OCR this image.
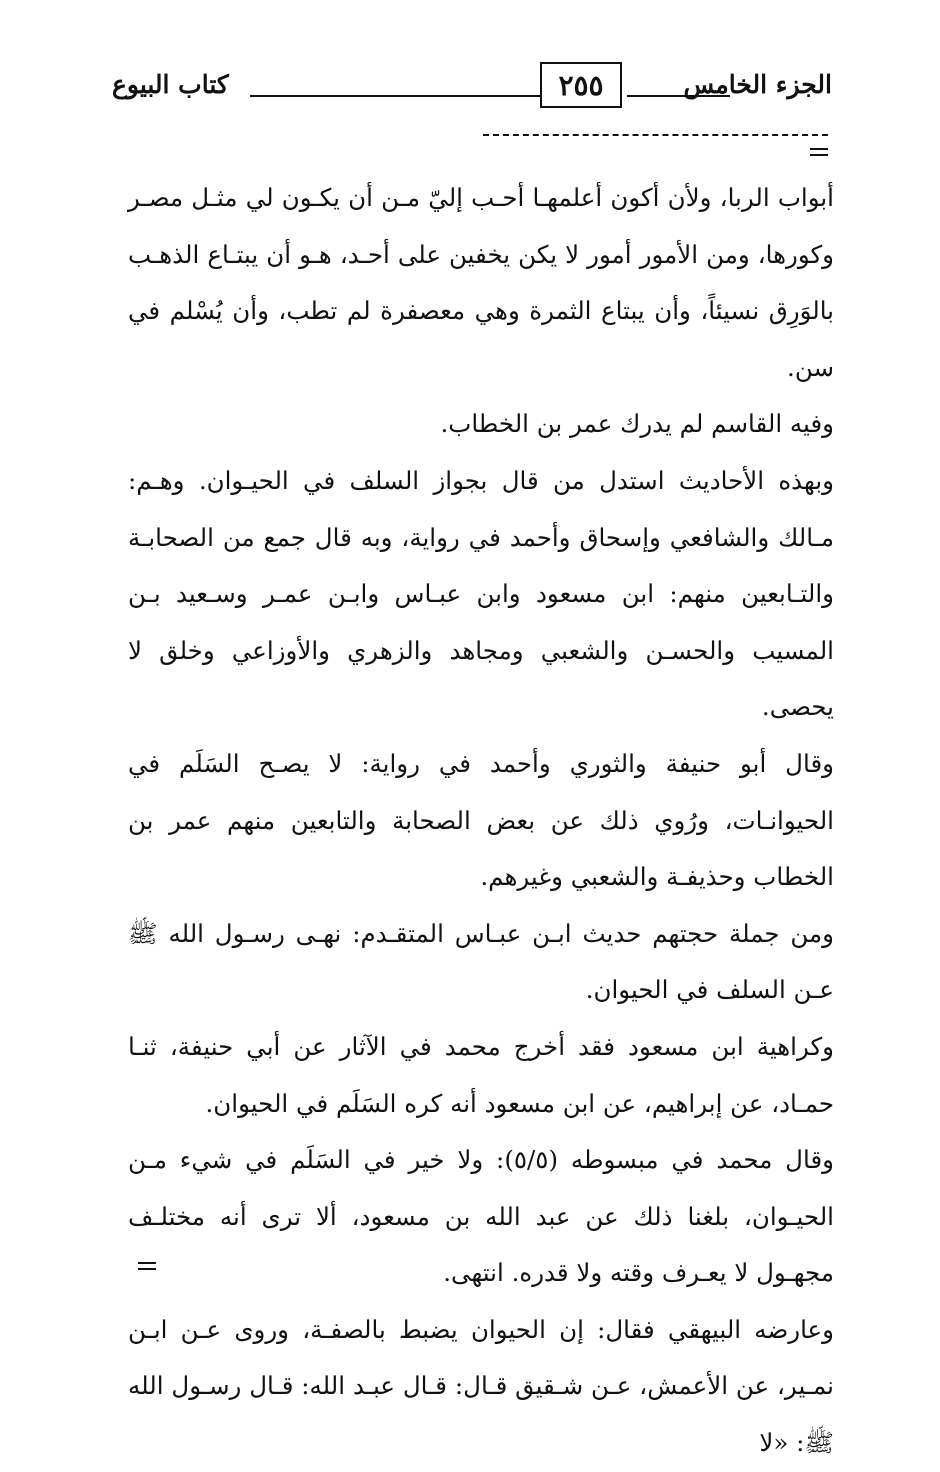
الجزء الخامس
٢٥٥
كتاب البيوع

أبواب الربا، ولأن أكون أعلمهـا أحـب إليّ مـن أن يكـون لي مثـل مصـر وكورها، ومن الأمور أمور لا يكن يخفين على أحـد، هـو أن يبتـاع الذهـب بالوَرِق نسيئاً، وأن يبتاع الثمرة وهي معصفرة لم تطب، وأن يُسْلم في سن.

وفيه القاسم لم يدرك عمر بن الخطاب.

وبهذه الأحاديث استدل من قال بجواز السلف في الحيـوان. وهـم: مـالك والشافعي وإسحاق وأحمد في رواية، وبه قال جمع من الصحابـة والتـابعين منهم: ابن مسعود وابن عبـاس وابـن عمـر وسـعيد بـن المسيب والحسـن والشعبي ومجاهد والزهري والأوزاعي وخلق لا يحصى.

وقال أبو حنيفة والثوري وأحمد في رواية: لا يصـح السَلَم في الحيوانـات، ورُوي ذلك عن بعض الصحابة والتابعين منهم عمر بن الخطاب وحذيفـة والشعبي وغيرهم.

ومن جملة حجتهم حديث ابـن عبـاس المتقـدم: نهـى رسـول الله ﷺ عـن السلف في الحيوان.

وكراهية ابن مسعود فقد أخرج محمد في الآثار عن أبي حنيفة، ثنـا حمـاد، عن إبراهيم، عن ابن مسعود أنه كره السَلَم في الحيوان.

وقال محمد في مبسوطه (٥/٥): ولا خير في السَلَم في شيء مـن الحيـوان، بلغنا ذلك عن عبد الله بن مسعود، ألا ترى أنه مختلـف مجهـول لا يعـرف وقته ولا قدره. انتهى.

وعارضه البيهقي فقال: إن الحيوان يضبط بالصفـة، وروى عـن ابـن نمـير، عن الأعمش، عـن شـقيق قـال: قـال عبـد الله: قـال رسـول الله ﷺ: «لا
